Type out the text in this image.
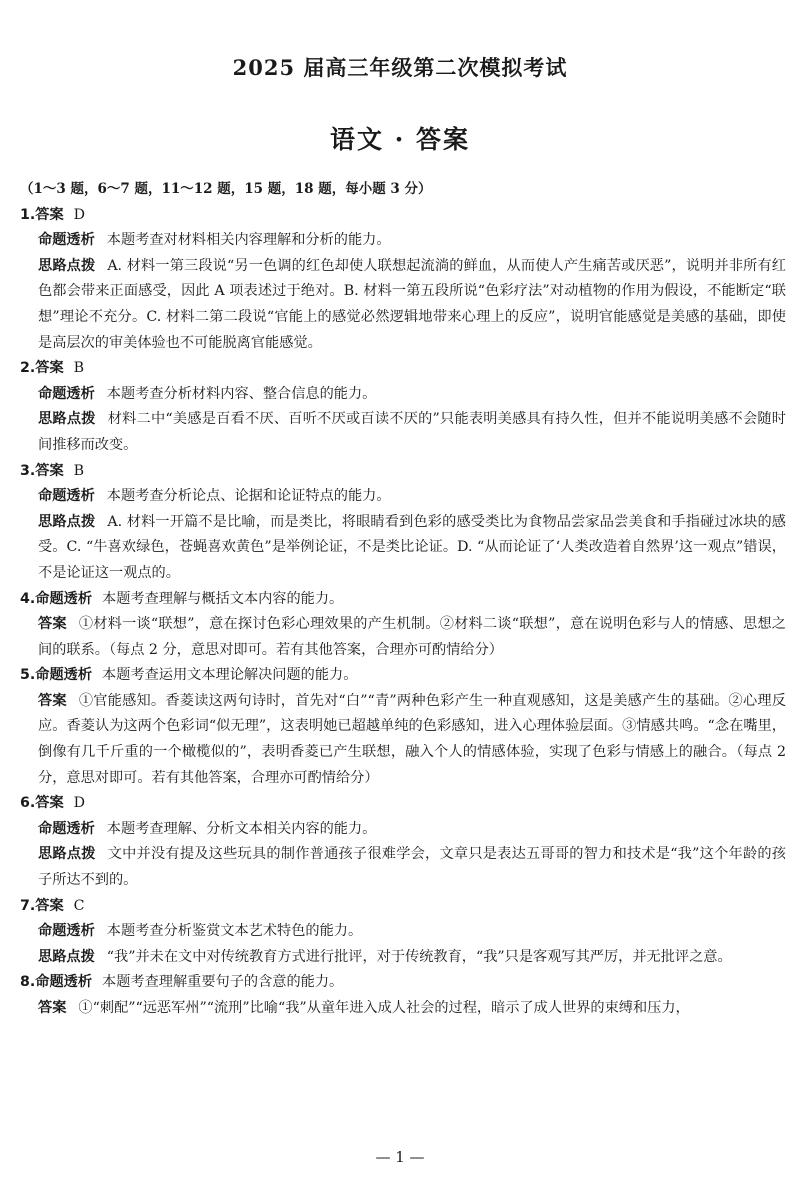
2025 届高三年级第二次模拟考试
语文 · 答案
（1～3 题，6～7 题，11～12 题，15 题，18 题，每小题 3 分）
1.答案 D
命题透析 本题考查对材料相关内容理解和分析的能力。
思路点拨 A. 材料一第三段说“另一色调的红色却使人联想起流淌的鲜血，从而使人产生痛苦或厌恶”，说明并非所有红色都会带来正面感受，因此 A 项表述过于绝对。B. 材料一第五段所说“色彩疗法”对动植物的作用为假设，不能断定“联想”理论不充分。C. 材料二第二段说“官能上的感觉必然逻辑地带来心理上的反应”，说明官能感觉是美感的基础，即使是高层次的审美体验也不可能脱离官能感觉。
2.答案 B
命题透析 本题考查分析材料内容、整合信息的能力。
思路点拨 材料二中“美感是百看不厌、百听不厌或百读不厌的”只能表明美感具有持久性，但并不能说明美感不会随时间推移而改变。
3.答案 B
命题透析 本题考查分析论点、论据和论证特点的能力。
思路点拨 A. 材料一开篇不是比喻，而是类比，将眼睛看到色彩的感受类比为食物品尝家品尝美食和手指碰过冰块的感受。C. “牛喜欢绿色，苍蝇喜欢黄色”是举例论证，不是类比论证。D. “从而论证了‘人类改造着自然界’这一观点”错误，不是论证这一观点的。
4.命题透析 本题考查理解与概括文本内容的能力。
答案 ①材料一谈“联想”，意在探讨色彩心理效果的产生机制。②材料二谈“联想”，意在说明色彩与人的情感、思想之间的联系。（每点 2 分，意思对即可。若有其他答案，合理亦可酌情给分）
5.命题透析 本题考查运用文本理论解决问题的能力。
答案 ①官能感知。香菱读这两句诗时，首先对“白”“青”两种色彩产生一种直观感知，这是美感产生的基础。②心理反应。香菱认为这两个色彩词“似无理”，这表明她已超越单纯的色彩感知，进入心理体验层面。③情感共鸣。“念在嘴里，倒像有几千斤重的一个橄榄似的”，表明香菱已产生联想，融入个人的情感体验，实现了色彩与情感上的融合。（每点 2 分，意思对即可。若有其他答案，合理亦可酌情给分）
6.答案 D
命题透析 本题考查理解、分析文本相关内容的能力。
思路点拨 文中并没有提及这些玩具的制作普通孩子很难学会，文章只是表达五哥哥的智力和技术是“我”这个年龄的孩子所达不到的。
7.答案 C
命题透析 本题考查分析鉴赏文本艺术特色的能力。
思路点拨 “我”并未在文中对传统教育方式进行批评，对于传统教育，“我”只是客观写其严厉，并无批评之意。
8.命题透析 本题考查理解重要句子的含意的能力。
答案 ①“刺配”“远恶军州”“流刑”比喻“我”从童年进入成人社会的过程，暗示了成人世界的束缚和压力，
— 1 —
